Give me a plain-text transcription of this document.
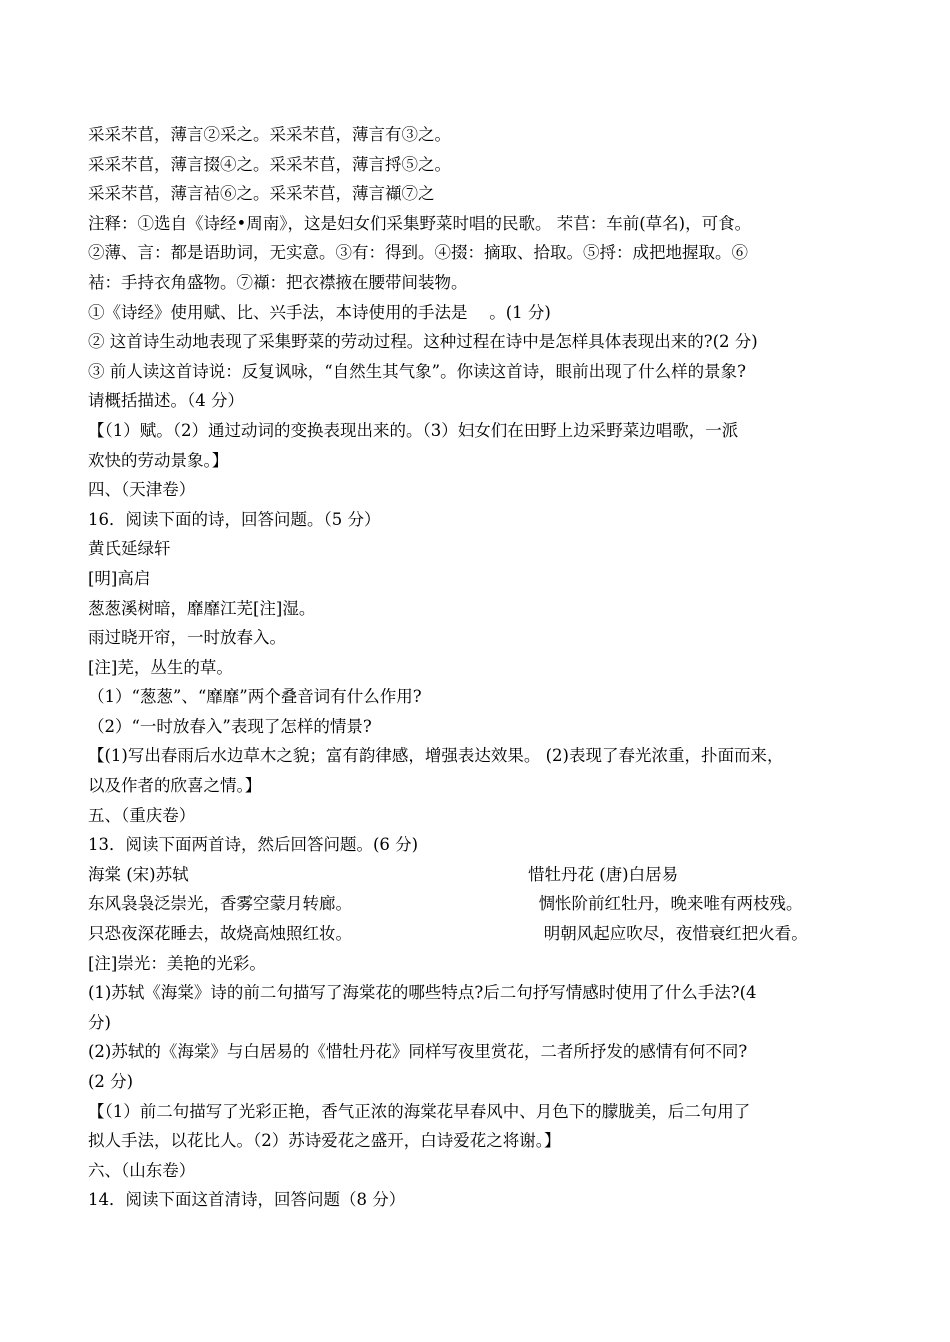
采采芣苢，薄言②采之。采采芣苢，薄言有③之。
采采芣苢，薄言掇④之。采采芣苢，薄言捋⑤之。
采采芣苢，薄言袺⑥之。采采芣苢，薄言襭⑦之
注释：①选自《诗经•周南》，这是妇女们采集野菜时唱的民歌。 芣苢：车前(草名)，可食。
②薄、言：都是语助词，无实意。③有：得到。④掇：摘取、拾取。⑤捋：成把地握取。⑥
袺：手持衣角盛物。⑦襭：把衣襟掖在腰带间装物。
①《诗经》使用赋、比、兴手法，本诗使用的手法是　 。(1 分)
② 这首诗生动地表现了采集野菜的劳动过程。这种过程在诗中是怎样具体表现出来的?(2 分)
③ 前人读这首诗说：反复讽咏，“自然生其气象”。你读这首诗，眼前出现了什么样的景象?
请概括描述。（4 分）
【（1）赋。（2）通过动词的变换表现出来的。（3）妇女们在田野上边采野菜边唱歌，一派
欢快的劳动景象。】
四、（天津卷）
16．阅读下面的诗，回答问题。（5 分）
黄氏延绿轩
[明]高启
葱葱溪树暗，靡靡江芜[注]湿。
雨过晓开帘，一时放春入。
[注]芜，丛生的草。
（1）“葱葱”、“靡靡”两个叠音词有什么作用?
（2）“一时放春入”表现了怎样的情景?
【(1)写出春雨后水边草木之貌；富有韵律感，增强表达效果。 (2)表现了春光浓重，扑面而来，
以及作者的欣喜之情。】
五、（重庆卷）
13．阅读下面两首诗，然后回答问题。(6 分)
海棠 (宋)苏轼	惜牡丹花 (唐)白居易
东风袅袅泛崇光，香雾空蒙月转廊。	惆怅阶前红牡丹，晚来唯有两枝残。
只恐夜深花睡去，故烧高烛照红妆。	明朝风起应吹尽，夜惜衰红把火看。
[注]崇光：美艳的光彩。
(1)苏轼《海棠》诗的前二句描写了海棠花的哪些特点?后二句抒写情感时使用了什么手法?(4
分)
(2)苏轼的《海棠》与白居易的《惜牡丹花》同样写夜里赏花，二者所抒发的感情有何不同?
(2 分)
【（1）前二句描写了光彩正艳，香气正浓的海棠花早春风中、月色下的朦胧美，后二句用了
拟人手法，以花比人。（2）苏诗爱花之盛开，白诗爱花之将谢。】
六、（山东卷）
14．阅读下面这首清诗，回答问题（8 分）
